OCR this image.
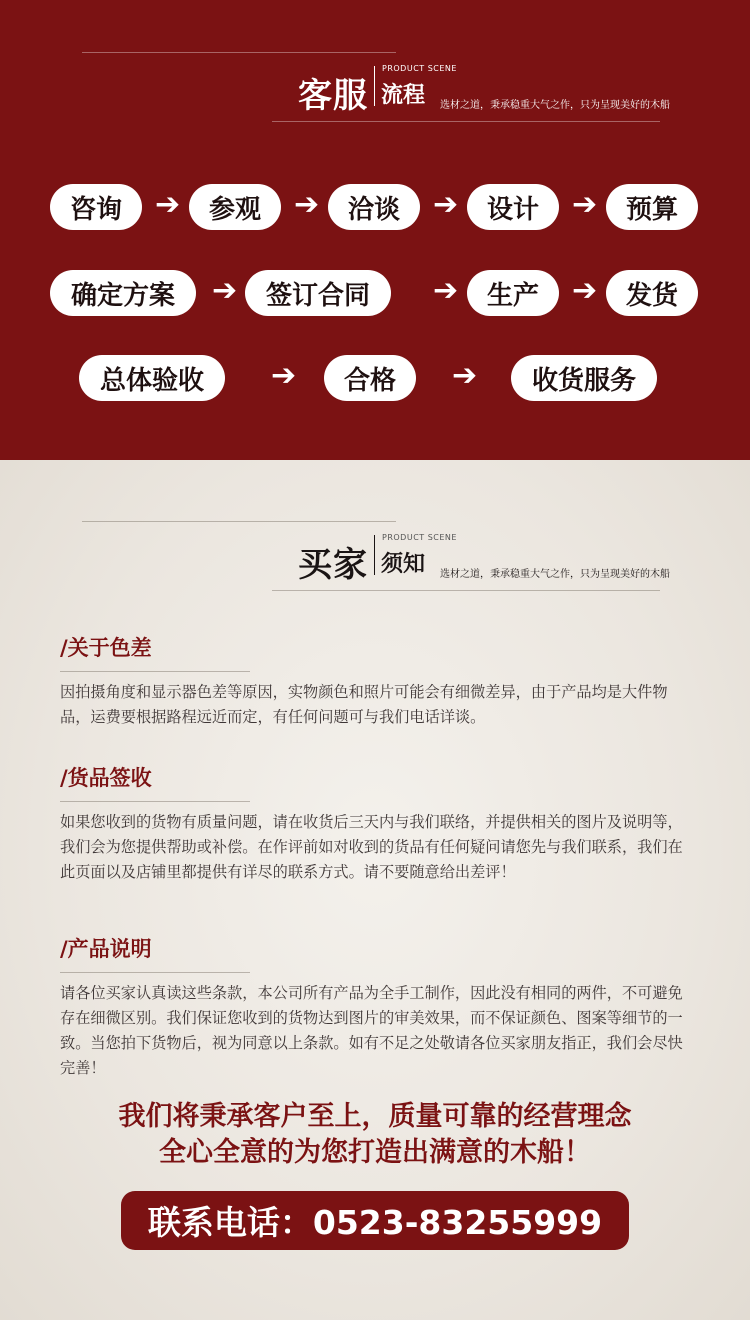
客服
PRODUCT SCENE
流程 选材之道，秉承稳重大气之作，只为呈现美好的木船
咨询	➔	参观	➔	洽谈	➔	设计	➔	预算
确定方案	➔	签订合同	➔	生产	➔	发货
总体验收	➔	合格	➔	收货服务
买家
PRODUCT SCENE
须知 选材之道，秉承稳重大气之作，只为呈现美好的木船
/关于色差
因拍摄角度和显示器色差等原因，实物颜色和照片可能会有细微差异，由于产品均是大件物品，运费要根据路程远近而定，有任何问题可与我们电话详谈。
/货品签收
如果您收到的货物有质量问题，请在收货后三天内与我们联络，并提供相关的图片及说明等，我们会为您提供帮助或补偿。在作评前如对收到的货品有任何疑问请您先与我们联系，我们在此页面以及店铺里都提供有详尽的联系方式。请不要随意给出差评！
/产品说明
请各位买家认真读这些条款，本公司所有产品为全手工制作，因此没有相同的两件，不可避免存在细微区别。我们保证您收到的货物达到图片的审美效果，而不保证颜色、图案等细节的一致。当您拍下货物后，视为同意以上条款。如有不足之处敬请各位买家朋友指正，我们会尽快完善！
我们将秉承客户至上，质量可靠的经营理念
全心全意的为您打造出满意的木船！
联系电话：0523-83255999
